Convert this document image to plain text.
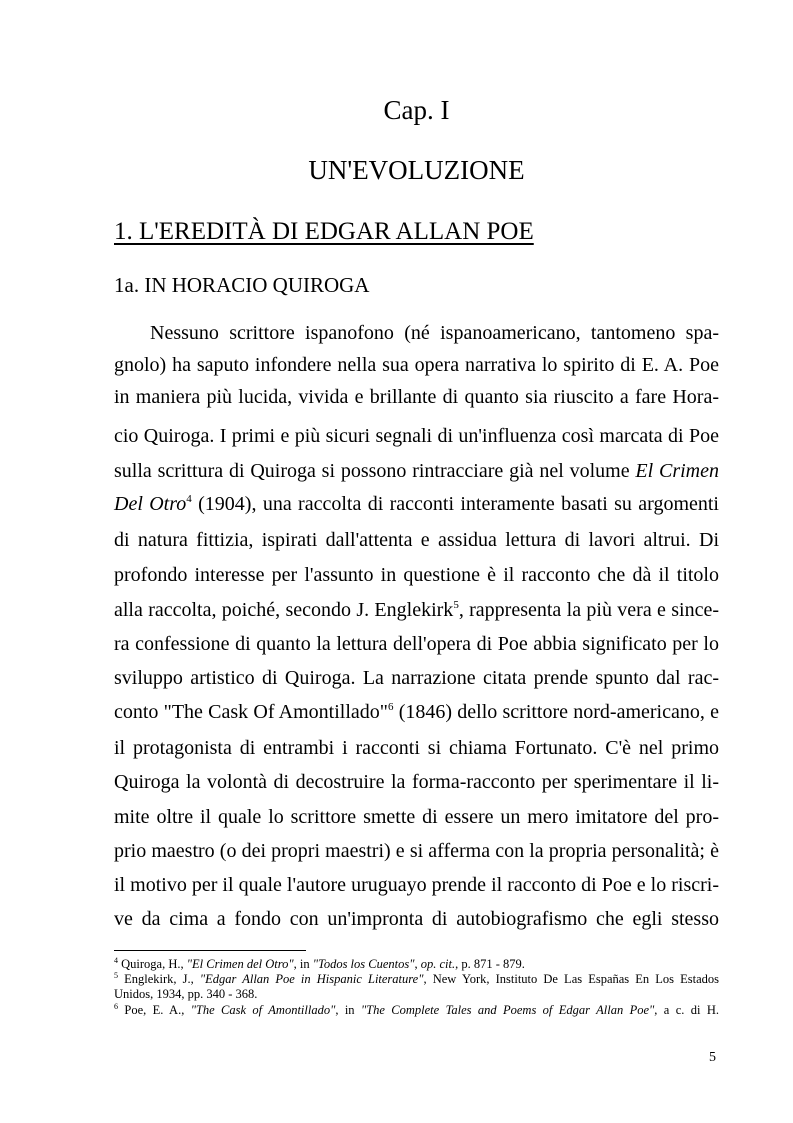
Cap. I
UN'EVOLUZIONE
1. L'EREDITÀ DI EDGAR ALLAN POE
1a. IN HORACIO QUIROGA
Nessuno scrittore ispanofono (né ispanoamericano, tantomeno spa-
gnolo) ha saputo infondere nella sua opera narrativa lo spirito di E. A. Poe
in maniera più lucida, vivida e brillante di quanto sia riuscito a fare Hora-
cio Quiroga. I primi e più sicuri segnali di un'influenza così marcata di Poe
sulla scrittura di Quiroga si possono rintracciare già nel volume El Crimen
Del Otro$^4$ (1904), una raccolta di racconti interamente basati su argomenti
di natura fittizia, ispirati dall'attenta e assidua lettura di lavori altrui. Di
profondo interesse per l'assunto in questione è il racconto che dà il titolo
alla raccolta, poiché, secondo J. Englekirk$^5$, rappresenta la più vera e since-
ra confessione di quanto la lettura dell'opera di Poe abbia significato per lo
sviluppo artistico di Quiroga. La narrazione citata prende spunto dal rac-
conto "The Cask Of Amontillado"$^6$ (1846) dello scrittore nord-americano, e
il protagonista di entrambi i racconti si chiama Fortunato. C'è nel primo
Quiroga la volontà di decostruire la forma-racconto per sperimentare il li-
mite oltre il quale lo scrittore smette di essere un mero imitatore del pro-
prio maestro (o dei propri maestri) e si afferma con la propria personalità; è
il motivo per il quale l'autore uruguayo prende il racconto di Poe e lo riscri-
ve da cima a fondo con un'impronta di autobiografismo che egli stesso
$^4$ Quiroga, H., "El Crimen del Otro", in "Todos los Cuentos", op. cit., p. 871 - 879.
$^5$ Englekirk, J., "Edgar Allan Poe in Hispanic Literature", New York, Instituto De Las Españas En Los Estados
Unidos, 1934, pp. 340 - 368.
$^6$ Poe, E. A., "The Cask of Amontillado", in "The Complete Tales and Poems of Edgar Allan Poe", a c. di H.
5
